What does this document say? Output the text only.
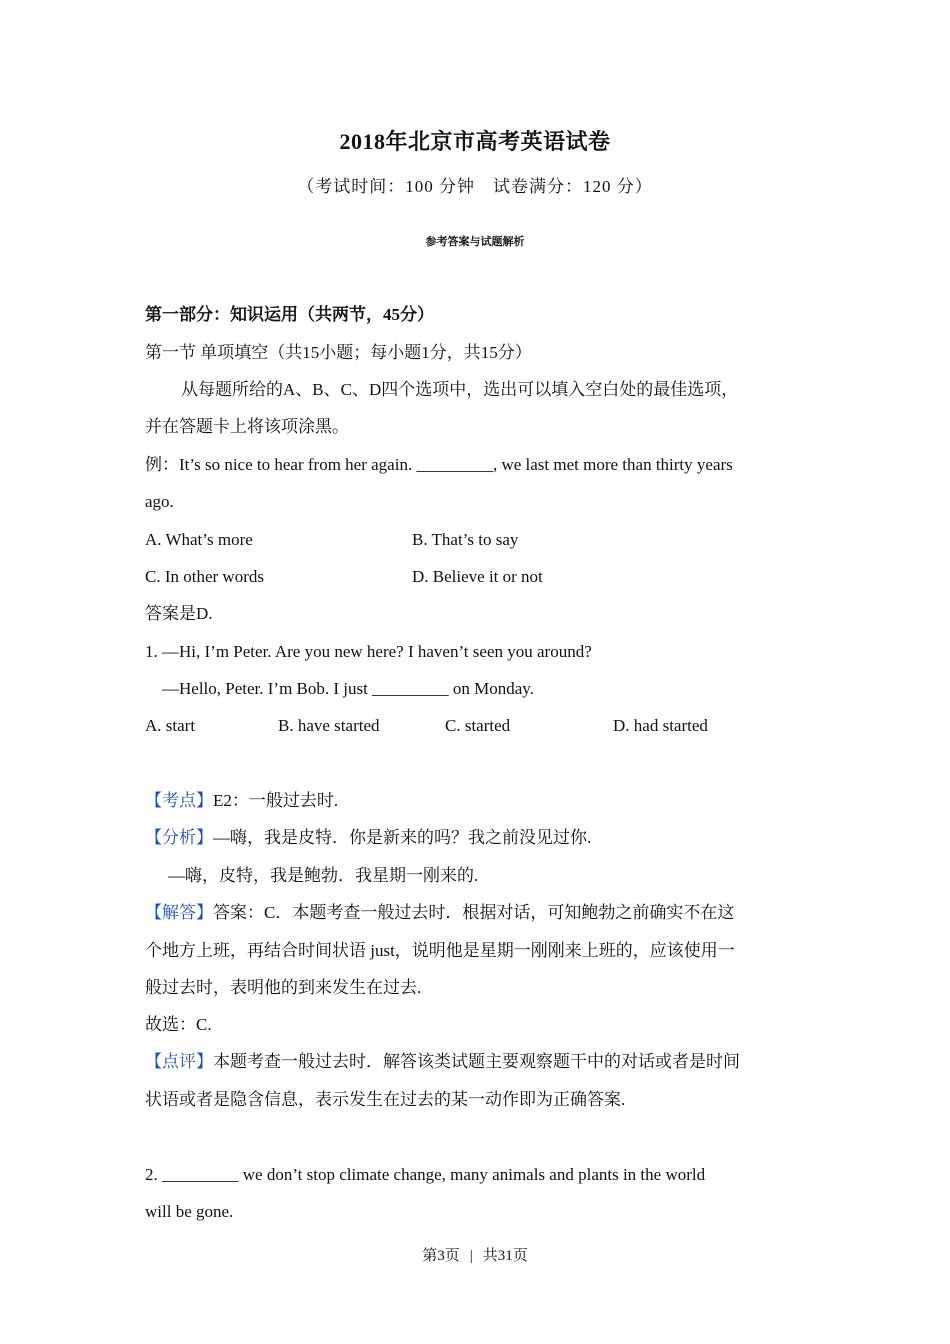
2018年北京市高考英语试卷
（考试时间：100 分钟 试卷满分：120 分）
参考答案与试题解析
第一部分：知识运用（共两节，45分）
第一节 单项填空（共15小题；每小题1分，共15分）
从每题所给的A、B、C、D四个选项中，选出可以填入空白处的最佳选项，
并在答题卡上将该项涂黑。
例：It’s so nice to hear from her again. _________, we last met more than thirty years
ago.
A. What’s more	B. That’s to say
C. In other words	D. Believe it or not
答案是D.
1. —Hi, I’m Peter. Are you new here? I haven’t seen you around?
—Hello, Peter. I’m Bob. I just _________ on Monday.
A. start	B. have started	C. started	D. had started
【考点】E2：一般过去时.
【分析】—嗨，我是皮特．你是新来的吗？我之前没见过你.
—嗨，皮特，我是鲍勃．我星期一刚来的.
【解答】答案：C．本题考查一般过去时．根据对话，可知鲍勃之前确实不在这
个地方上班，再结合时间状语 just，说明他是星期一刚刚来上班的，应该使用一
般过去时，表明他的到来发生在过去.
故选：C.
【点评】本题考查一般过去时．解答该类试题主要观察题干中的对话或者是时间
状语或者是隐含信息，表示发生在过去的某一动作即为正确答案.
2. _________ we don’t stop climate change, many animals and plants in the world
will be gone.
第3页 | 共31页
